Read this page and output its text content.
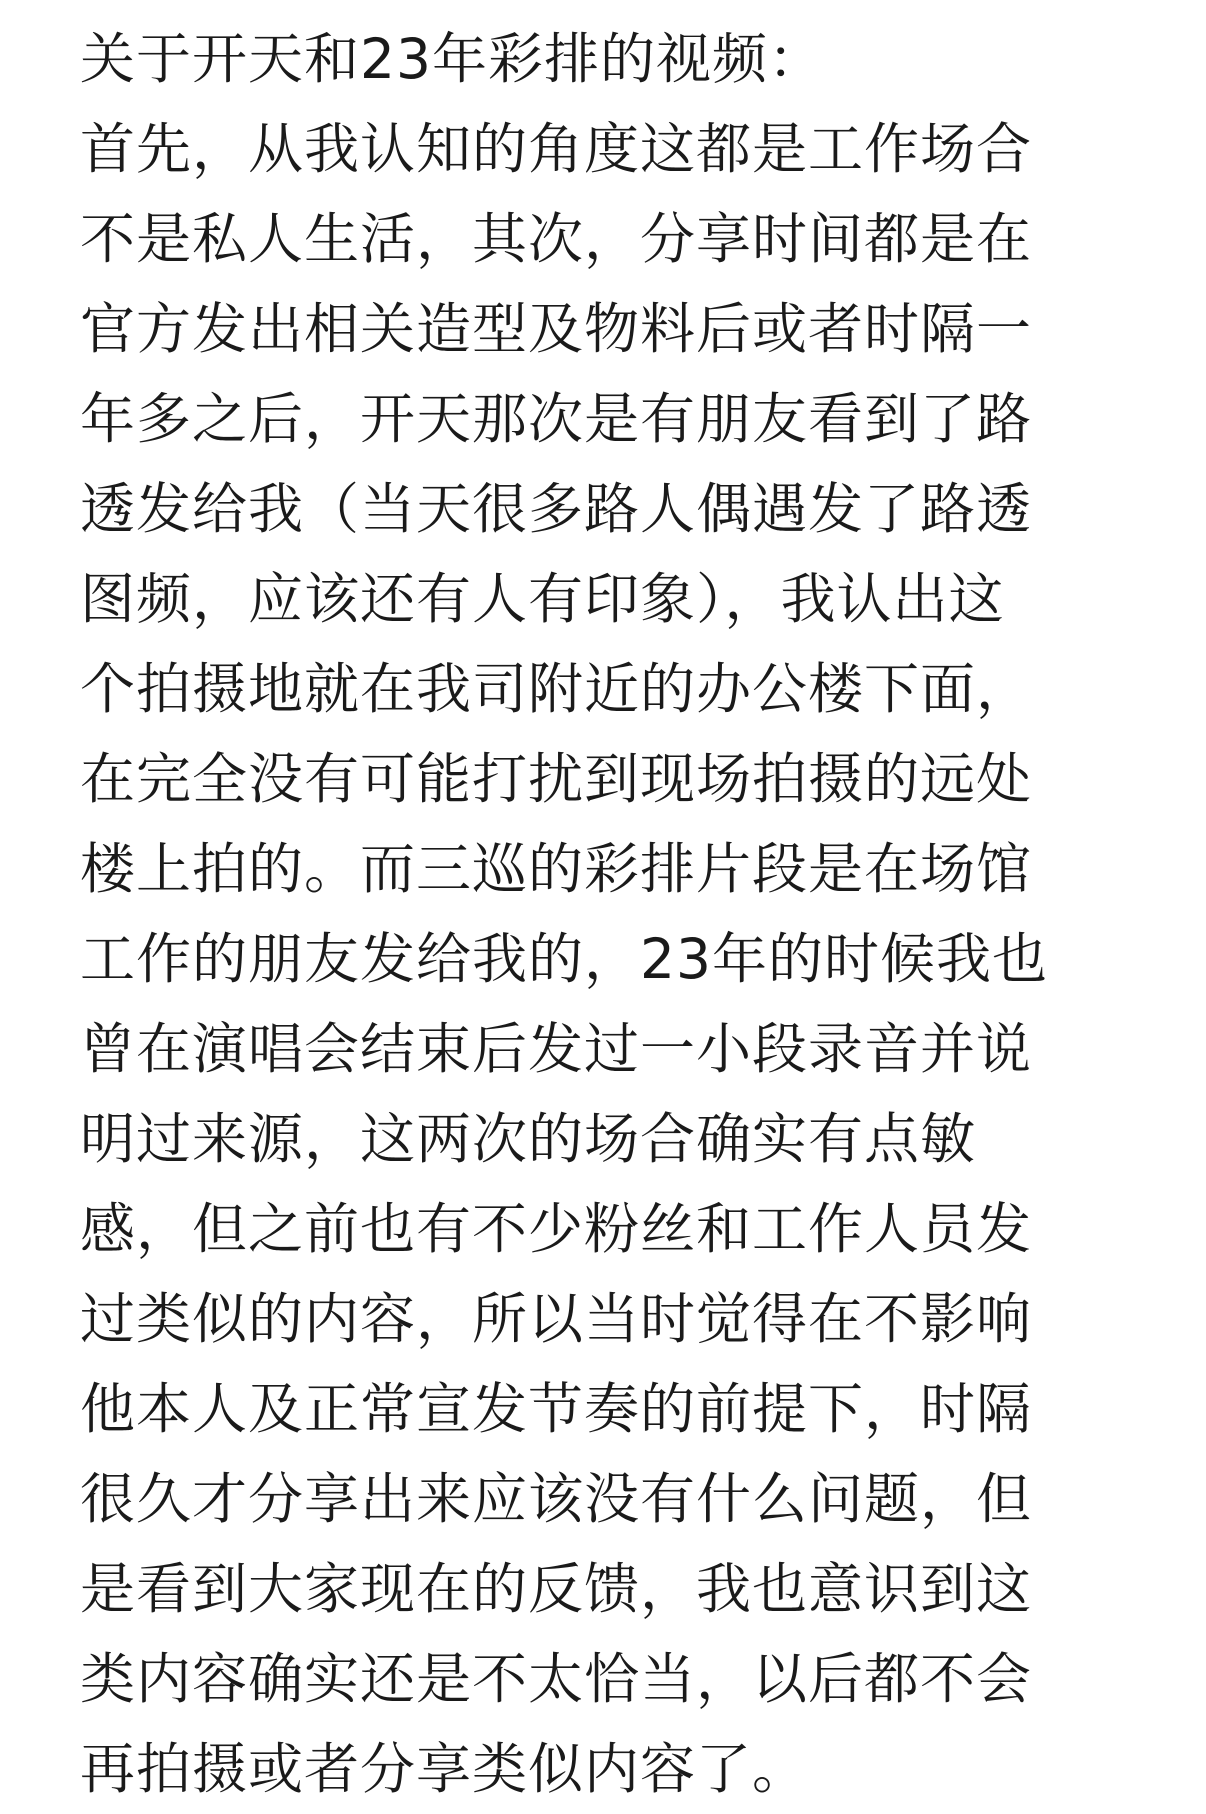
关于开天和23年彩排的视频：
首先，从我认知的角度这都是工作场合
不是私人生活，其次，分享时间都是在
官方发出相关造型及物料后或者时隔一
年多之后，开天那次是有朋友看到了路
透发给我（当天很多路人偶遇发了路透
图频，应该还有人有印象），我认出这
个拍摄地就在我司附近的办公楼下面，
在完全没有可能打扰到现场拍摄的远处
楼上拍的。而三巡的彩排片段是在场馆
工作的朋友发给我的，23年的时候我也
曾在演唱会结束后发过一小段录音并说
明过来源，这两次的场合确实有点敏
感，但之前也有不少粉丝和工作人员发
过类似的内容，所以当时觉得在不影响
他本人及正常宣发节奏的前提下，时隔
很久才分享出来应该没有什么问题，但
是看到大家现在的反馈，我也意识到这
类内容确实还是不太恰当，以后都不会
再拍摄或者分享类似内容了。
